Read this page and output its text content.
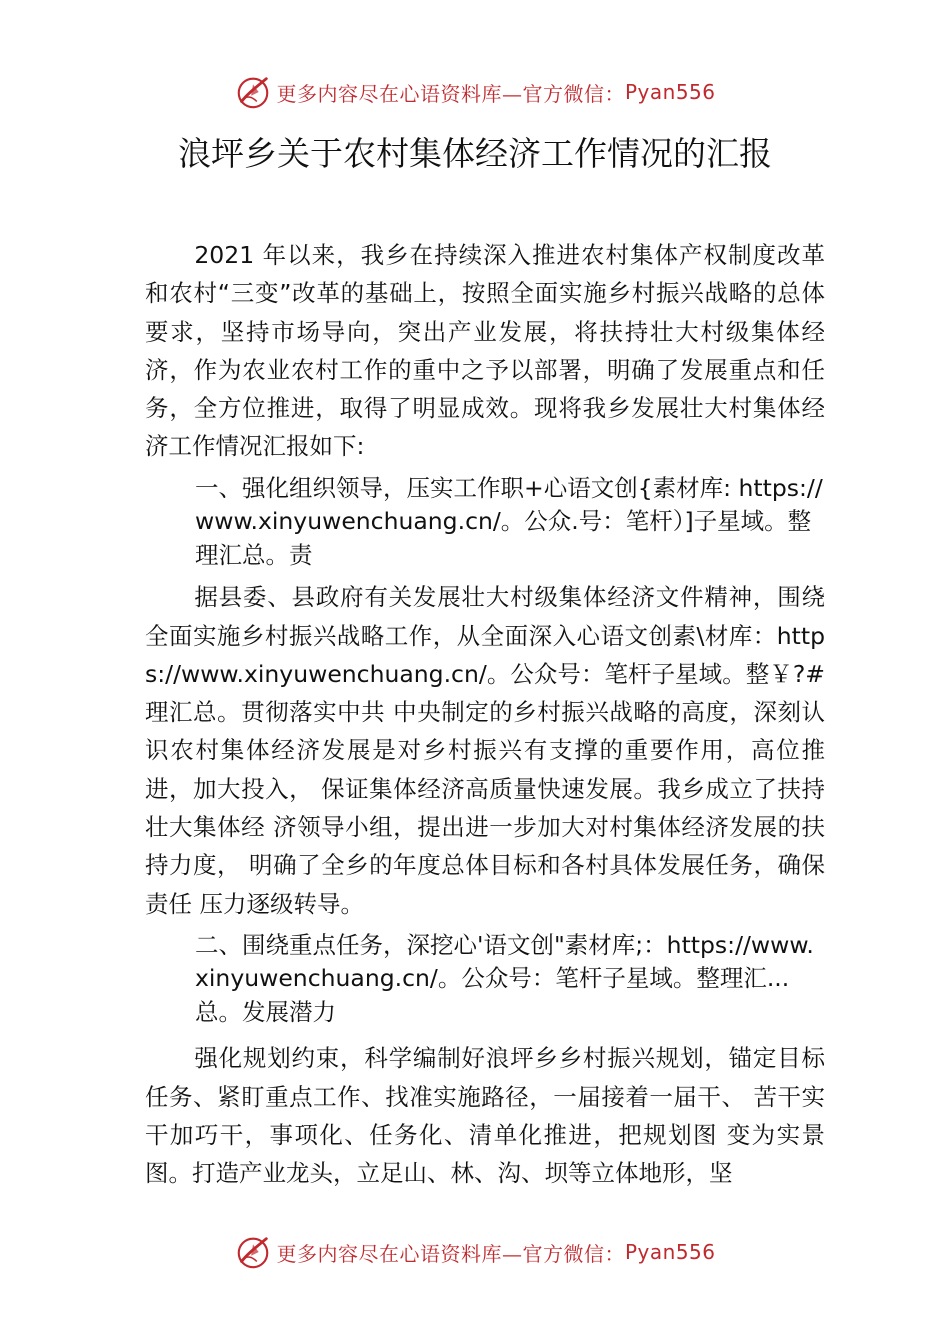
更多内容尽在心语资料库—官方微信： Pyan556
浪坪乡关于农村集体经济工作情况的汇报

2021 年以来，我乡在持续深入推进农村集体产权制度改革和农村“三变”改革的基础上，按照全面实施乡村振兴战略的总体要求，坚持市场导向，突出产业发展，将扶持壮大村级集体经济，作为农业农村工作的重中之予以部署，明确了发展重点和任务，全方位推进，取得了明显成效。现将我乡发展壮大村集体经济工作情况汇报如下:

一、强化组织领导，压实工作职+心语文创{素材库: https://www.xinyuwenchuang.cn/。公众.号：笔杆）]子星域。整理汇总。责

据县委、县政府有关发展壮大村级集体经济文件精神，围绕全面实施乡村振兴战略工作，从全面深入心语文创素\材库：https://www.xinyuwenchuang.cn/。公众号：笔杆子星域。整￥?#理汇总。贯彻落实中共 中央制定的乡村振兴战略的高度，深刻认识农村集体经济发展是对乡村振兴有支撑的重要作用，高位推进，加大投入， 保证集体经济高质量快速发展。我乡成立了扶持壮大集体经 济领导小组，提出进一步加大对村集体经济发展的扶持力度， 明确了全乡的年度总体目标和各村具体发展任务，确保责任 压力逐级转导。

二、围绕重点任务，深挖心'语文创"素材库;：https://www.xinyuwenchuang.cn/。公众号：笔杆子星域。整理汇...总。发展潜力

强化规划约束，科学编制好浪坪乡乡村振兴规划，锚定目标任务、紧盯重点工作、找准实施路径，一届接着一届干、 苦干实干加巧干，事项化、任务化、清单化推进，把规划图 变为实景图。打造产业龙头，立足山、林、沟、坝等立体地形，坚

更多内容尽在心语资料库—官方微信： Pyan556
